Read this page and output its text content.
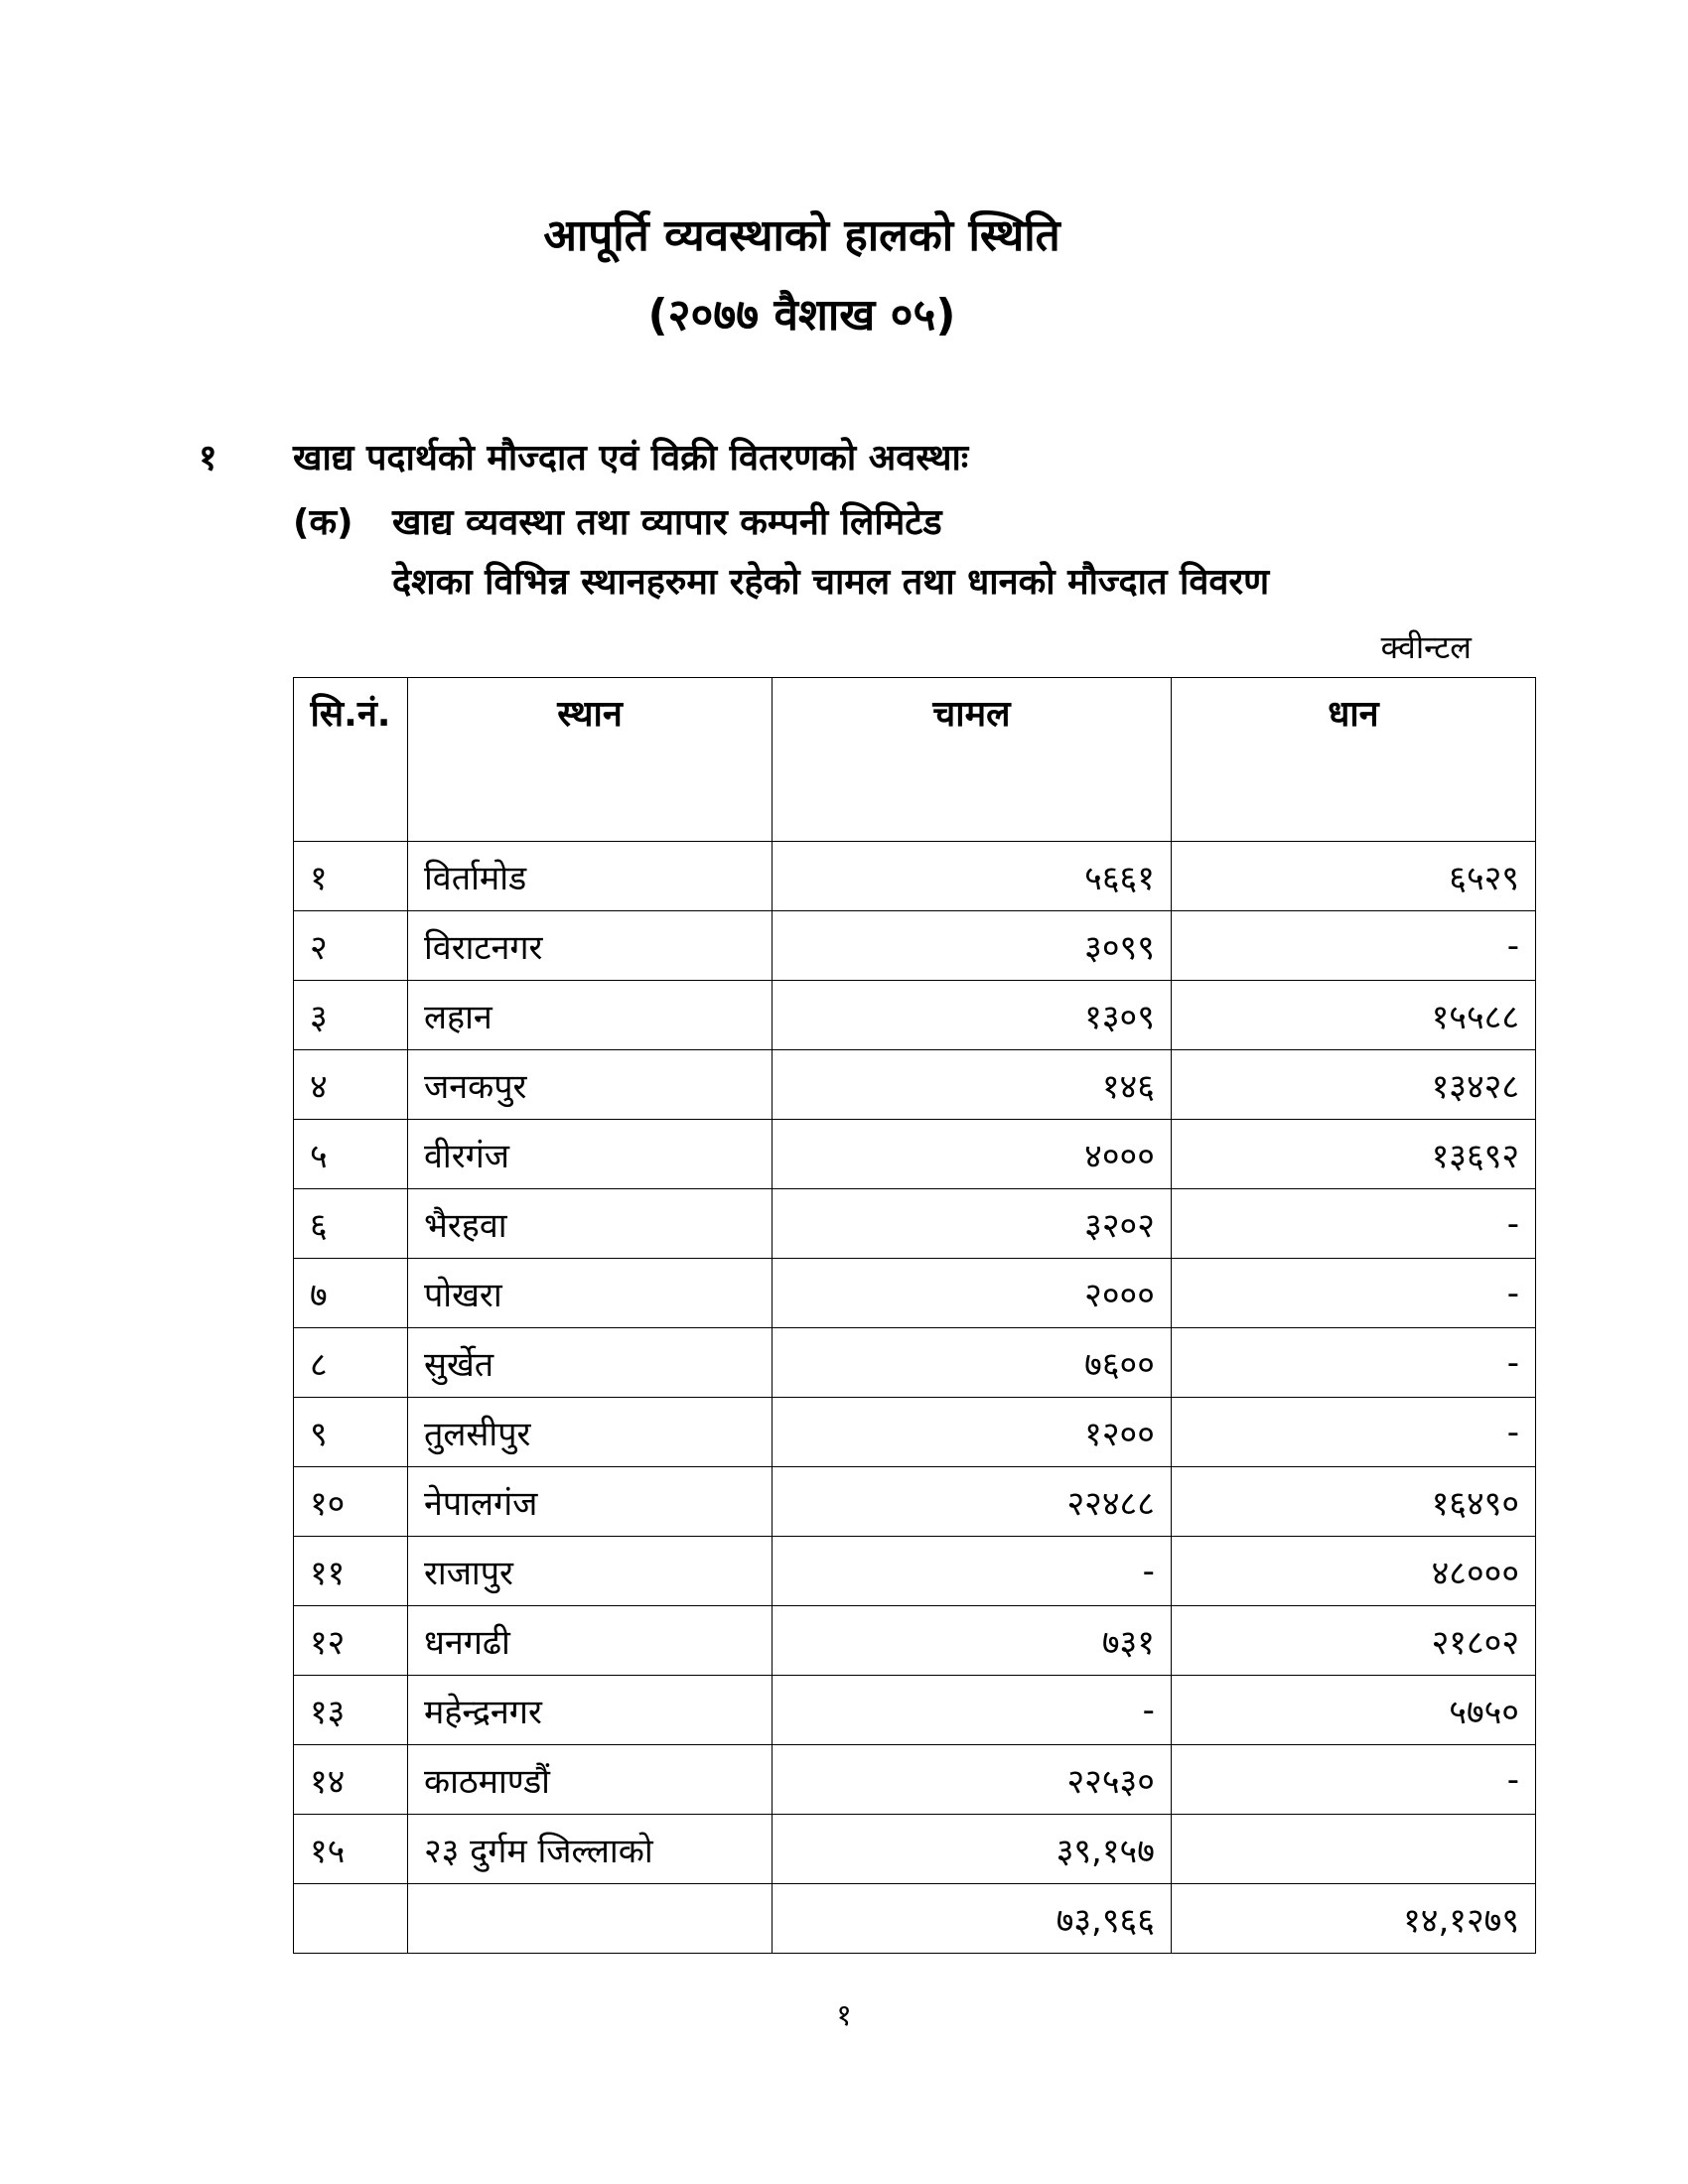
आपूर्ति व्यवस्थाको हालको स्थिति
(२०७७ वैशाख ०५)
१ खाद्य पदार्थको मौज्दात एवं विक्री वितरणको अवस्थाः
(क) खाद्य व्यवस्था तथा व्यापार कम्पनी लिमिटेड
देशका विभिन्न स्थानहरुमा रहेको चामल तथा धानको मौज्दात विवरण
क्वीन्टल
सि.नं.	स्थान	चामल	धान
१	विर्तामोड	५६६१	६५२९
२	विराटनगर	३०९९	-
३	लहान	१३०९	१५५८८
४	जनकपुर	१४६	१३४२८
५	वीरगंज	४०००	१३६९२
६	भैरहवा	३२०२	-
७	पोखरा	२०००	-
८	सुर्खेत	७६००	-
९	तुलसीपुर	१२००	-
१०	नेपालगंज	२२४८८	१६४९०
११	राजापुर	-	४८०००
१२	धनगढी	७३१	२१८०२
१३	महेन्द्रनगर	-	५७५०
१४	काठमाण्डौं	२२५३०	-
१५	२३ दुर्गम जिल्लाको	३९,१५७	
		७३,९६६	१४,१२७९
१
